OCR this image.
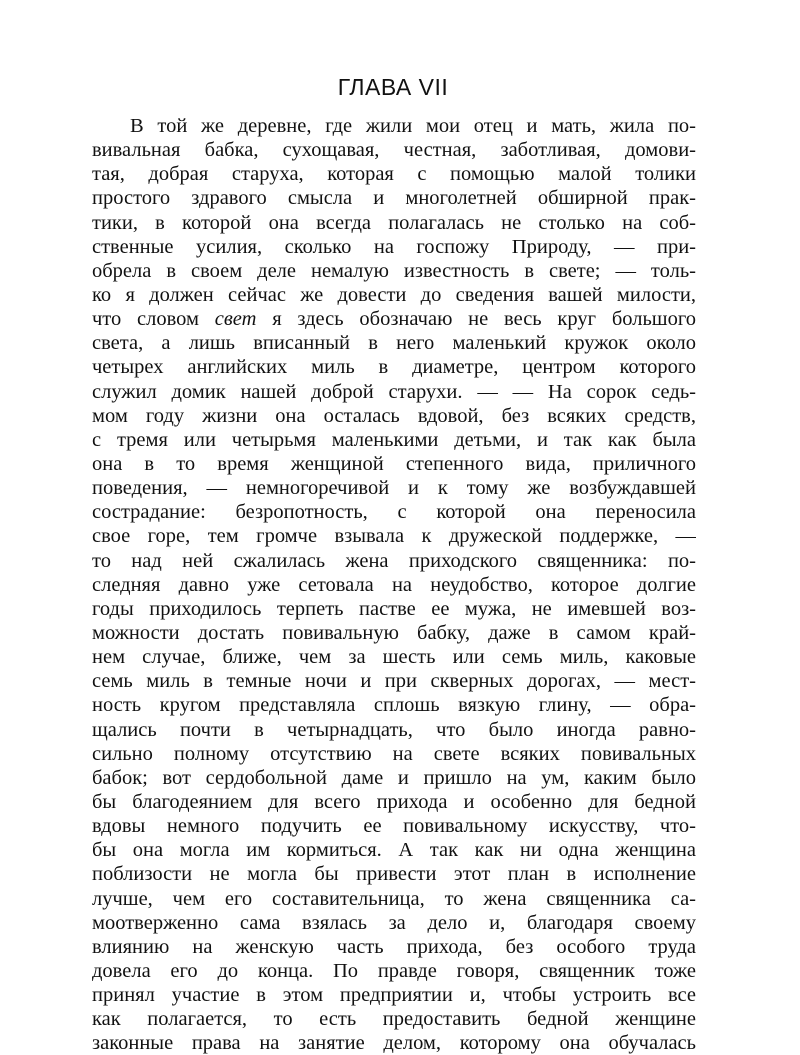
ГЛАВА VII
В той же деревне, где жили мои отец и мать, жила по-
вивальная бабка, сухощавая, честная, заботливая, домови-
тая, добрая старуха, которая с помощью малой толики
простого здравого смысла и многолетней обширной прак-
тики, в которой она всегда полагалась не столько на соб-
ственные усилия, сколько на госпожу Природу, — при-
обрела в своем деле немалую известность в свете; — толь-
ко я должен сейчас же довести до сведения вашей милости,
что словом свет я здесь обозначаю не весь круг большого
света, а лишь вписанный в него маленький кружок около
четырех английских миль в диаметре, центром которого
служил домик нашей доброй старухи. — — На сорок седь-
мом году жизни она осталась вдовой, без всяких средств,
с тремя или четырьмя маленькими детьми, и так как была
она в то время женщиной степенного вида, приличного
поведения, — немногоречивой и к тому же возбуждавшей
сострадание: безропотность, с которой она переносила
свое горе, тем громче взывала к дружеской поддержке, —
то над ней сжалилась жена приходского священника: по-
следняя давно уже сетовала на неудобство, которое долгие
годы приходилось терпеть пастве ее мужа, не имевшей воз-
можности достать повивальную бабку, даже в самом край-
нем случае, ближе, чем за шесть или семь миль, каковые
семь миль в темные ночи и при скверных дорогах, — мест-
ность кругом представляла сплошь вязкую глину, — обра-
щались почти в четырнадцать, что было иногда равно-
сильно полному отсутствию на свете всяких повивальных
бабок; вот сердобольной даме и пришло на ум, каким было
бы благодеянием для всего прихода и особенно для бедной
вдовы немного подучить ее повивальному искусству, что-
бы она могла им кормиться. А так как ни одна женщина
поблизости не могла бы привести этот план в исполнение
лучше, чем его составительница, то жена священника са-
моотверженно сама взялась за дело и, благодаря своему
влиянию на женскую часть прихода, без особого труда
довела его до конца. По правде говоря, священник тоже
принял участие в этом предприятии и, чтобы устроить все
как полагается, то есть предоставить бедной женщине
законные права на занятие делом, которому она обучалась
